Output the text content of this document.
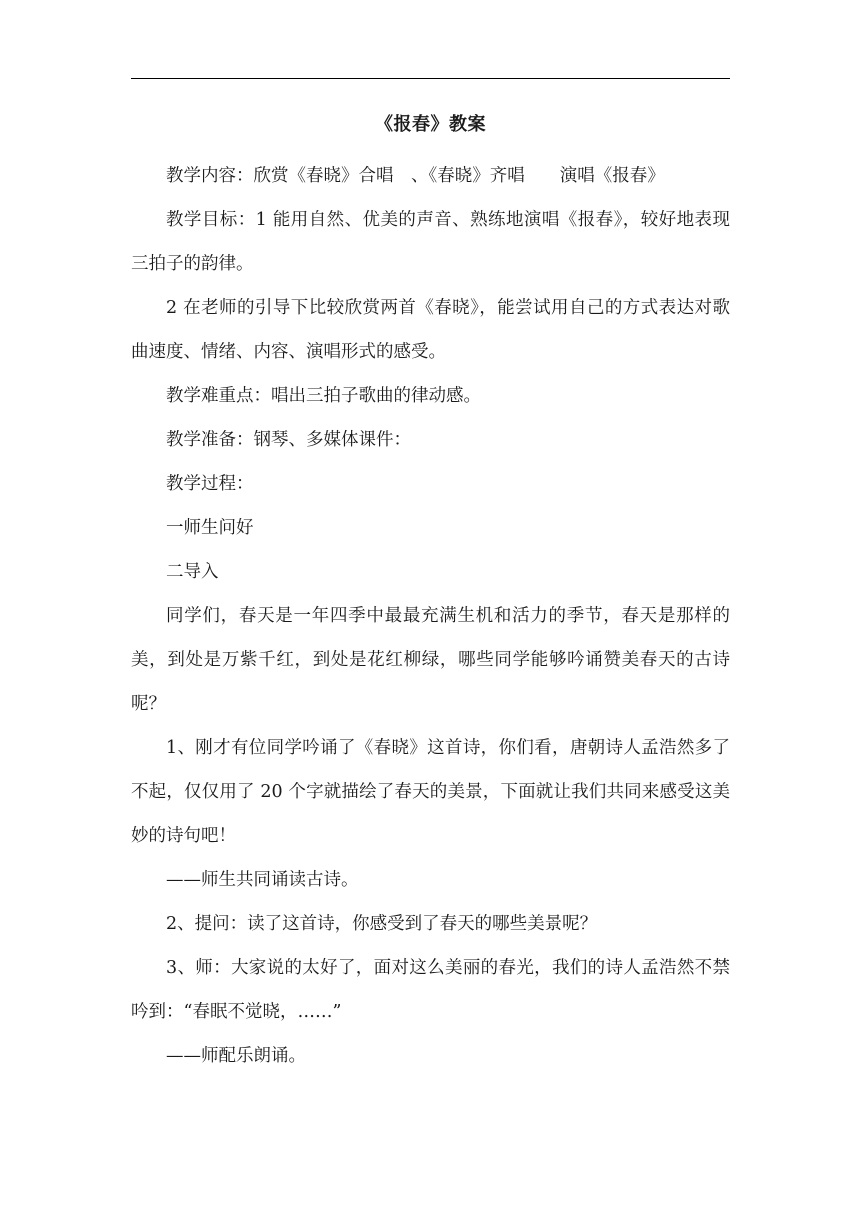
《报春》教案

教学内容：欣赏《春晓》合唱　、《春晓》齐唱　　演唱《报春》

教学目标：1 能用自然、优美的声音、熟练地演唱《报春》，较好地表现三拍子的韵律。

2 在老师的引导下比较欣赏两首《春晓》，能尝试用自己的方式表达对歌曲速度、情绪、内容、演唱形式的感受。

教学难重点：唱出三拍子歌曲的律动感。

教学准备：钢琴、多媒体课件：

教学过程：

一师生问好

二导入

同学们，春天是一年四季中最最充满生机和活力的季节，春天是那样的美，到处是万紫千红，到处是花红柳绿，哪些同学能够吟诵赞美春天的古诗呢？

1、刚才有位同学吟诵了《春晓》这首诗，你们看，唐朝诗人孟浩然多了不起，仅仅用了 20 个字就描绘了春天的美景，下面就让我们共同来感受这美妙的诗句吧！

——师生共同诵读古诗。

2、提问：读了这首诗，你感受到了春天的哪些美景呢？

3、师：大家说的太好了，面对这么美丽的春光，我们的诗人孟浩然不禁吟到：“春眠不觉晓，……”

——师配乐朗诵。
